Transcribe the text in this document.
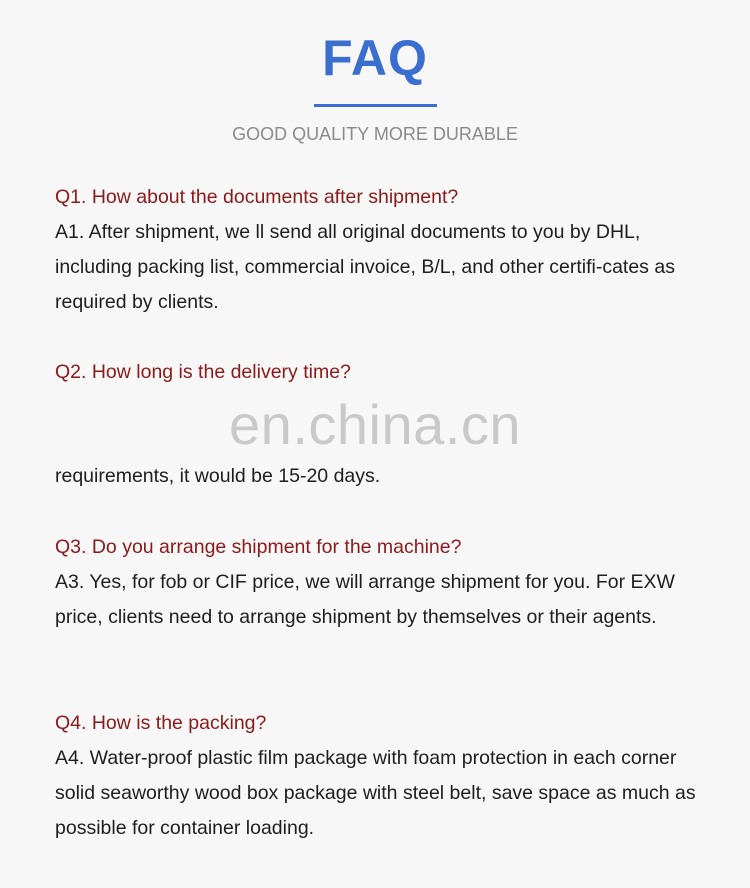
FAQ
GOOD QUALITY MORE DURABLE
Q1. How about the documents after shipment?
A1. After shipment, we ll send all original documents to you by DHL, including packing list, commercial invoice, B/L, and other certifi-cates as required by clients.
Q2. How long is the delivery time?
en.china.cn
requirements, it would be 15-20 days.
Q3. Do you arrange shipment for the machine?
A3. Yes, for fob or CIF price, we will arrange shipment for you. For EXW price, clients need to arrange shipment by themselves or their agents.
Q4. How is the packing?
A4. Water-proof plastic film package with foam protection in each corner solid seaworthy wood box package with steel belt, save space as much as possible for container loading.
